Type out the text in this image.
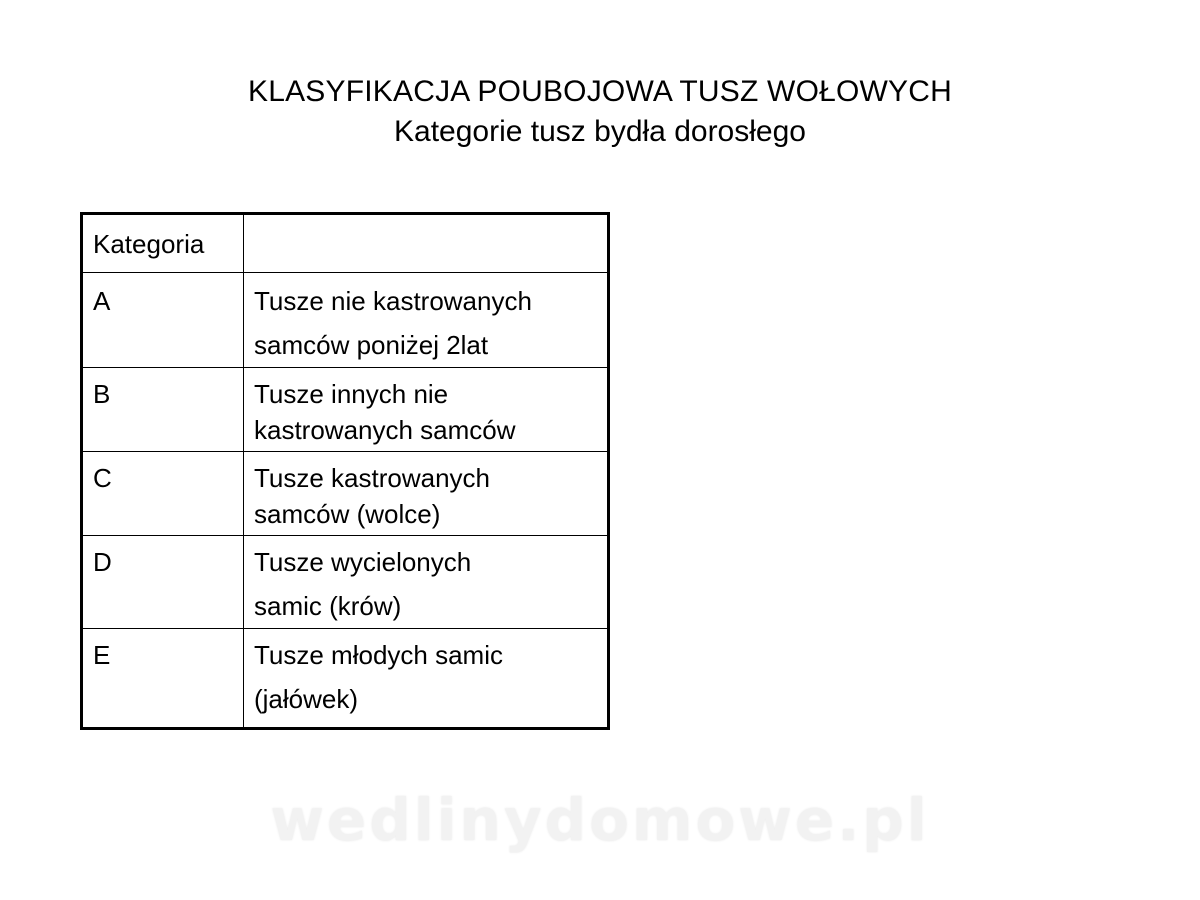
KLASYFIKACJA POUBOJOWA TUSZ WOŁOWYCH
Kategorie tusz bydła dorosłego
Kategoria	
A	Tusze nie kastrowanych
samców poniżej 2lat

B	Tusze innych nie
kastrowanych samców

C	Tusze kastrowanych
samców (wolce)

D	Tusze wycielonych
samic (krów)

E	Tusze młodych samic
(jałówek)
wedlinydomowe.pl
